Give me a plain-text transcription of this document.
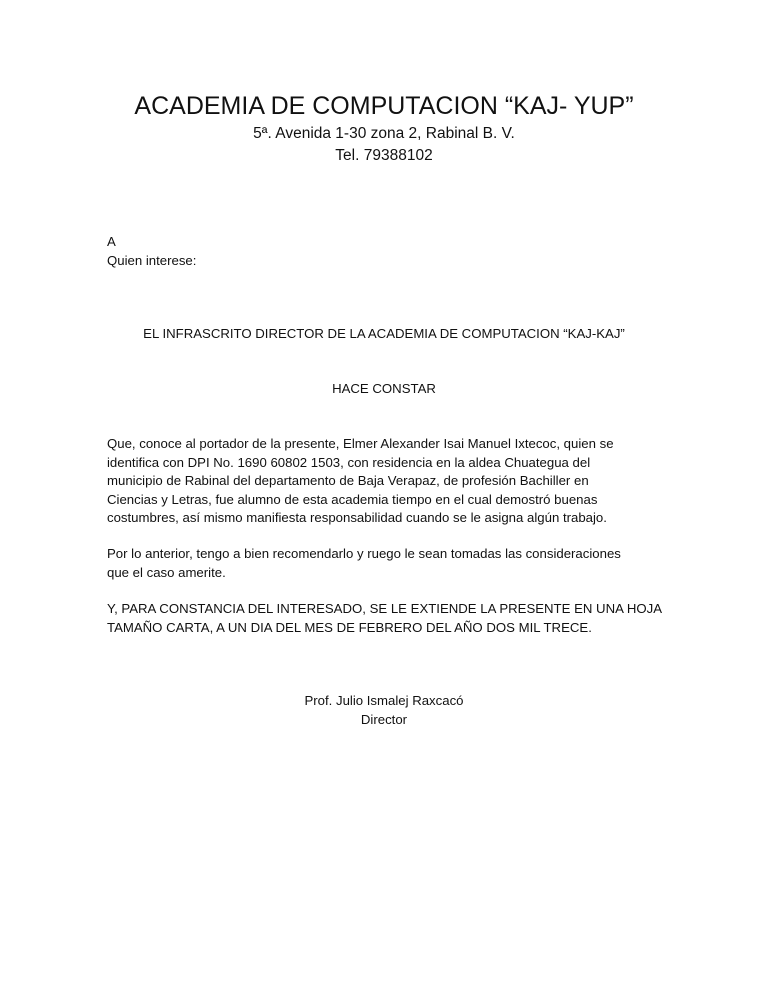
ACADEMIA DE COMPUTACION “KAJ- YUP”
5ª. Avenida 1-30 zona 2, Rabinal B. V.
Tel. 79388102
A
Quien interese:
EL INFRASCRITO DIRECTOR DE LA ACADEMIA DE COMPUTACION “KAJ-KAJ”
HACE CONSTAR
Que, conoce al portador de la presente, Elmer Alexander Isai Manuel Ixtecoc, quien se
identifica con DPI No. 1690 60802 1503, con residencia en la aldea Chuategua del
municipio de Rabinal del departamento de Baja Verapaz, de profesión Bachiller en
Ciencias y Letras, fue alumno de esta academia tiempo en el cual demostró buenas
costumbres, así mismo manifiesta responsabilidad cuando se le asigna algún trabajo.
Por lo anterior, tengo a bien recomendarlo y ruego le sean tomadas las consideraciones
que el caso amerite.
Y, PARA CONSTANCIA DEL INTERESADO, SE LE EXTIENDE LA PRESENTE EN UNA HOJA
TAMAÑO CARTA, A UN DIA DEL MES DE FEBRERO DEL AÑO DOS MIL TRECE.
Prof. Julio Ismalej Raxcacó
Director
